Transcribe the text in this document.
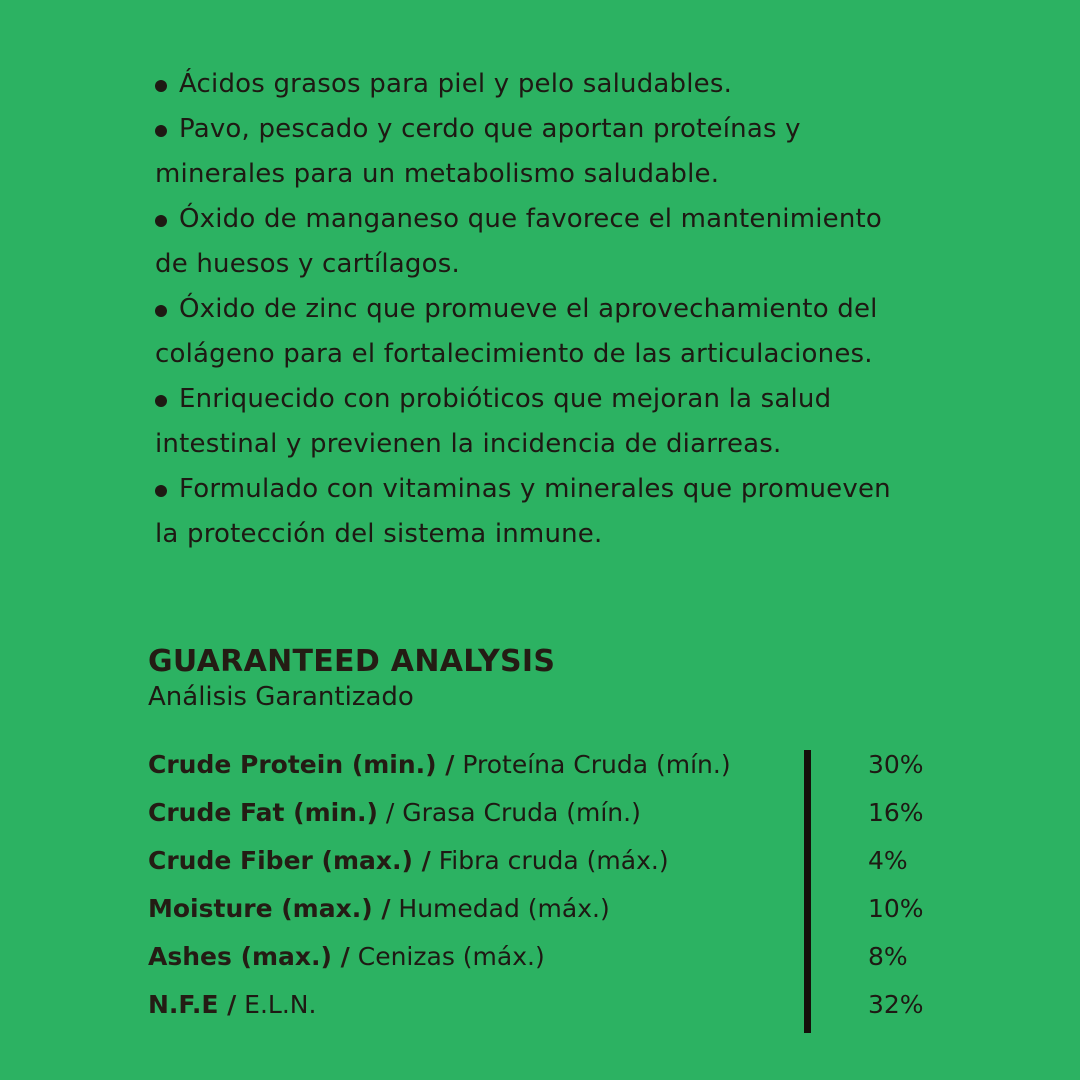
Ácidos grasos para piel y pelo saludables.
Pavo, pescado y cerdo que aportan proteínas y
minerales para un metabolismo saludable.
Óxido de manganeso que favorece el mantenimiento
de huesos y cartílagos.
Óxido de zinc que promueve el aprovechamiento del
colágeno para el fortalecimiento de las articulaciones.
Enriquecido con probióticos que mejoran la salud
intestinal y previenen la incidencia de diarreas.
Formulado con vitaminas y minerales que promueven
la protección del sistema inmune.
GUARANTEED ANALYSIS
Análisis Garantizado
Crude Protein (min.) / Proteína Cruda (mín.)	30%
Crude Fat (min.) / Grasa Cruda (mín.)	16%
Crude Fiber (max.) / Fibra cruda (máx.)	4%
Moisture (max.) / Humedad (máx.)	10%
Ashes (max.) / Cenizas (máx.)	8%
N.F.E / E.L.N.	32%
